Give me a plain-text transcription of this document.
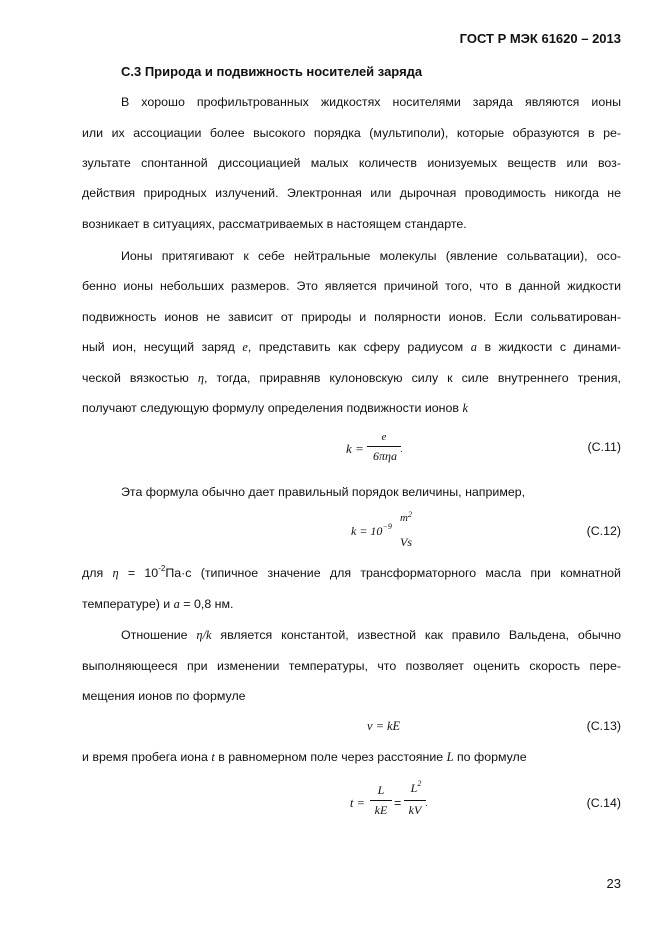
ГОСТ Р МЭК 61620 – 2013
С.3 Природа и подвижность носителей заряда
В хорошо профильтрованных жидкостях носителями заряда являются ионы
или их ассоциации более высокого порядка (мультиполи), которые образуются в ре-
зультате спонтанной диссоциацией малых количеств ионизуемых веществ или воз-
действия природных излучений. Электронная или дырочная проводимость никогда не
возникает в ситуациях, рассматриваемых в настоящем стандарте.
Ионы притягивают к себе нейтральные молекулы (явление сольватации), осо-
бенно ионы небольших размеров. Это является причиной того, что в данной жидкости
подвижность ионов не зависит от природы и полярности ионов. Если сольватирован-
ный ион, несущий заряд e, представить как сферу радиусом a в жидкости с динами-
ческой вязкостью η, тогда, приравняв кулоновскую силу к силе внутреннего трения,
получают следующую формулу определения подвижности ионов k
k =
e
6πηa .	(С.11)
Эта формула обычно дает правильный порядок величины, например,
$k = 10^{-9}$
$m^2$
Vs
(С.12)
для $\eta = 10^{-2}Па\cdot с$ (типичное значение для трансформаторного масла при комнатной
температуре) и a = 0,8 нм.
Отношение η/k является константой, известной как правило Вальдена, обычно
выполняющееся при изменении температуры, что позволяет оценить скорость пере-
мещения ионов по формуле
v = kE	(С.13)
и время пробега иона t в равномерном поле через расстояние L по формуле
t =
L
kE =
$L^2$
kV .	(С.14)
23
